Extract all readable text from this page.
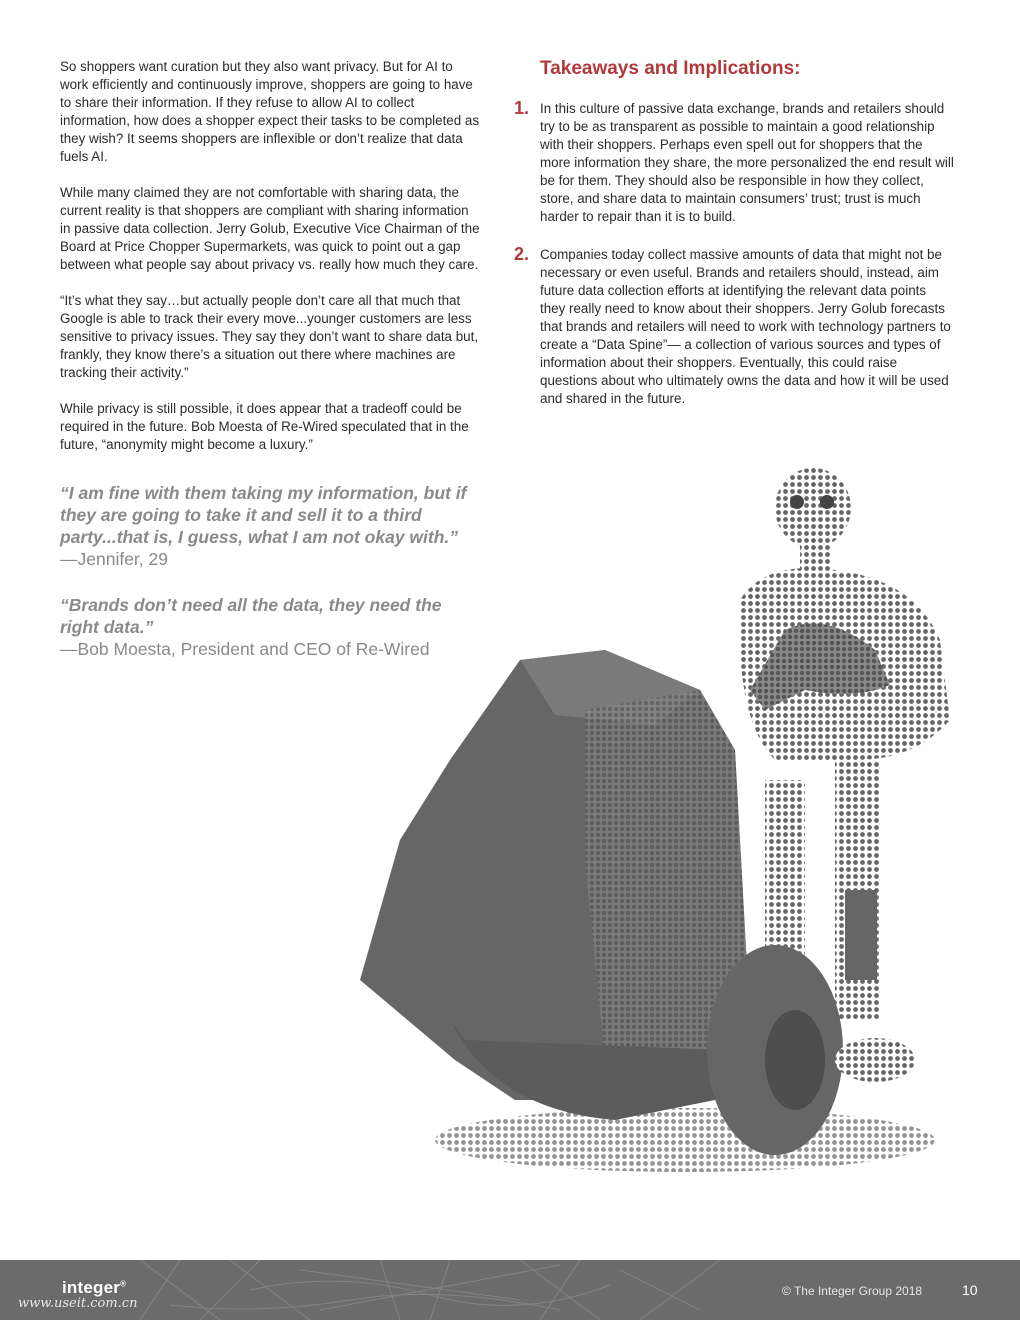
So shoppers want curation but they also want privacy. But for AI to work efficiently and continuously improve, shoppers are going to have to share their information. If they refuse to allow AI to collect information, how does a shopper expect their tasks to be completed as they wish? It seems shoppers are inflexible or don’t realize that data fuels AI.

While many claimed they are not comfortable with sharing data, the current reality is that shoppers are compliant with sharing information in passive data collection. Jerry Golub, Executive Vice Chairman of the Board at Price Chopper Supermarkets, was quick to point out a gap between what people say about privacy vs. really how much they care.

“It’s what they say…but actually people don’t care all that much that Google is able to track their every move...younger customers are less sensitive to privacy issues. They say they don’t want to share data but, frankly, they know there’s a situation out there where machines are tracking their activity.”

While privacy is still possible, it does appear that a tradeoff could be required in the future. Bob Moesta of Re-Wired speculated that in the future, “anonymity might become a luxury.”

“I am fine with them taking my information, but if they are going to take it and sell it to a third party...that is, I guess, what I am not okay with.”
—Jennifer, 29
“Brands don’t need all the data, they need the right data.”
—Bob Moesta, President and CEO of Re-Wired
Takeaways and Implications:
1. In this culture of passive data exchange, brands and retailers should try to be as transparent as possible to maintain a good relationship with their shoppers. Perhaps even spell out for shoppers that the more information they share, the more personalized the end result will be for them. They should also be responsible in how they collect, store, and share data to maintain consumers’ trust; trust is much harder to repair than it is to build.

2. Companies today collect massive amounts of data that might not be necessary or even useful. Brands and retailers should, instead, aim future data collection efforts at identifying the relevant data points they really need to know about their shoppers. Jerry Golub forecasts that brands and retailers will need to work with technology partners to create a “Data Spine”— a collection of various sources and types of information about their shoppers. Eventually, this could raise questions about who ultimately owns the data and how it will be used and shared in the future.

integer®
www.useit.com.cn
© The Integer Group 2018	10
